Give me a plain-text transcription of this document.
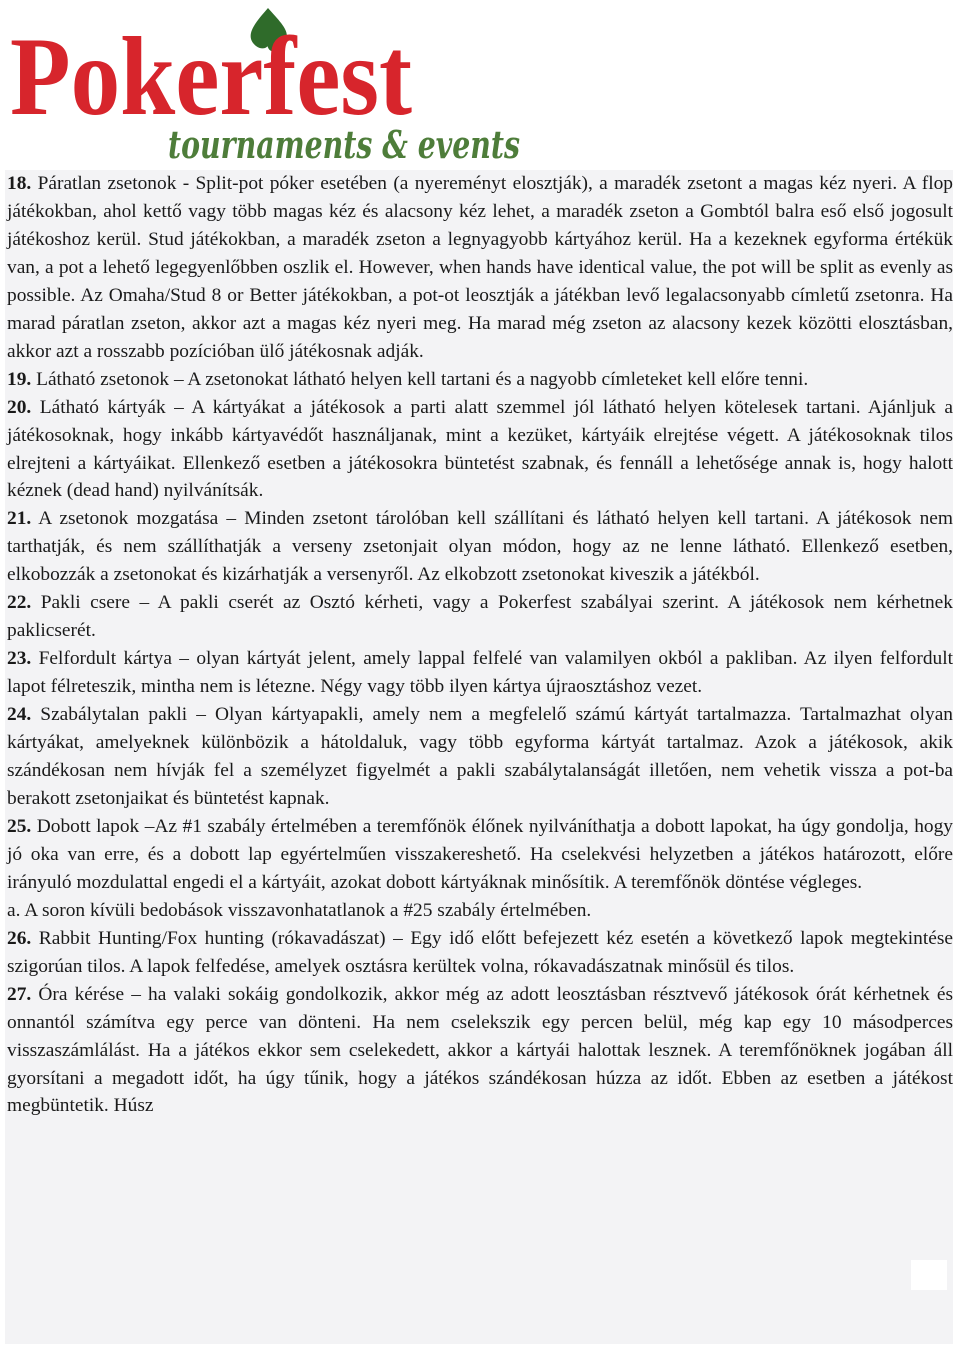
Pokerfest
tournaments & events

18. Páratlan zsetonok - Split-pot póker esetében (a nyereményt elosztják), a maradék zsetont a magas kéz nyeri. A flop játékokban, ahol kettő vagy több magas kéz és alacsony kéz lehet, a maradék zseton a Gombtól balra eső első jogosult játékoshoz kerül. Stud játékokban, a maradék zseton a legnyagyobb kártyához kerül. Ha a kezeknek egyforma értékük van, a pot a lehető legegyenlőbben oszlik el. However, when hands have identical value, the pot will be split as evenly as possible. Az Omaha/Stud 8 or Better játékokban, a pot-ot leosztják a játékban levő legalacsonyabb címletű zsetonra. Ha marad páratlan zseton, akkor azt a magas kéz nyeri meg. Ha marad még zseton az alacsony kezek közötti elosztásban, akkor azt a rosszabb pozícióban ülő játékosnak adják.

19. Látható zsetonok – A zsetonokat látható helyen kell tartani és a nagyobb címleteket kell előre tenni.

20. Látható kártyák – A kártyákat a játékosok a parti alatt szemmel jól látható helyen kötelesek tartani. Ajánljuk a játékosoknak, hogy inkább kártyavédőt használjanak, mint a kezüket, kártyáik elrejtése végett. A játékosoknak tilos elrejteni a kártyáikat. Ellenkező esetben a játékosokra büntetést szabnak, és fennáll a lehetősége annak is, hogy halott kéznek (dead hand) nyilvánítsák.

21. A zsetonok mozgatása – Minden zsetont tárolóban kell szállítani és látható helyen kell tartani. A játékosok nem tarthatják, és nem szállíthatják a verseny zsetonjait olyan módon, hogy az ne lenne látható. Ellenkező esetben, elkobozzák a zsetonokat és kizárhatják a versenyről. Az elkobzott zsetonokat kiveszik a játékból.

22. Pakli csere – A pakli cserét az Osztó kérheti, vagy a Pokerfest szabályai szerint. A játékosok nem kérhetnek paklicserét.

23. Felfordult kártya – olyan kártyát jelent, amely lappal felfelé van valamilyen okból a pakliban. Az ilyen felfordult lapot félreteszik, mintha nem is létezne. Négy vagy több ilyen kártya újraosztáshoz vezet.

24. Szabálytalan pakli – Olyan kártyapakli, amely nem a megfelelő számú kártyát tartalmazza. Tartalmazhat olyan kártyákat, amelyeknek különbözik a hátoldaluk, vagy több egyforma kártyát tartalmaz. Azok a játékosok, akik szándékosan nem hívják fel a személyzet figyelmét a pakli szabálytalanságát illetően, nem vehetik vissza a pot-ba berakott zsetonjaikat és büntetést kapnak.

25. Dobott lapok –Az #1 szabály értelmében a teremfőnök élőnek nyilváníthatja a dobott lapokat, ha úgy gondolja, hogy jó oka van erre, és a dobott lap egyértelműen visszakereshető. Ha cselekvési helyzetben a játékos határozott, előre irányuló mozdulattal engedi el a kártyáit, azokat dobott kártyáknak minősítik. A teremfőnök döntése végleges.

a. A soron kívüli bedobások visszavonhatatlanok a #25 szabály értelmében.

26. Rabbit Hunting/Fox hunting (rókavadászat) – Egy idő előtt befejezett kéz esetén a következő lapok megtekintése szigorúan tilos. A lapok felfedése, amelyek osztásra kerültek volna, rókavadászatnak minősül és tilos.

27. Óra kérése – ha valaki sokáig gondolkozik, akkor még az adott leosztásban résztvevő játékosok órát kérhetnek és onnantól számítva egy perce van dönteni. Ha nem cselekszik egy percen belül, még kap egy 10 másodperces visszaszámlálást. Ha a játékos ekkor sem cselekedett, akkor a kártyái halottak lesznek. A teremfőnöknek jogában áll gyorsítani a megadott időt, ha úgy tűnik, hogy a játékos szándékosan húzza az időt. Ebben az esetben a játékost megbüntetik. Húsz
